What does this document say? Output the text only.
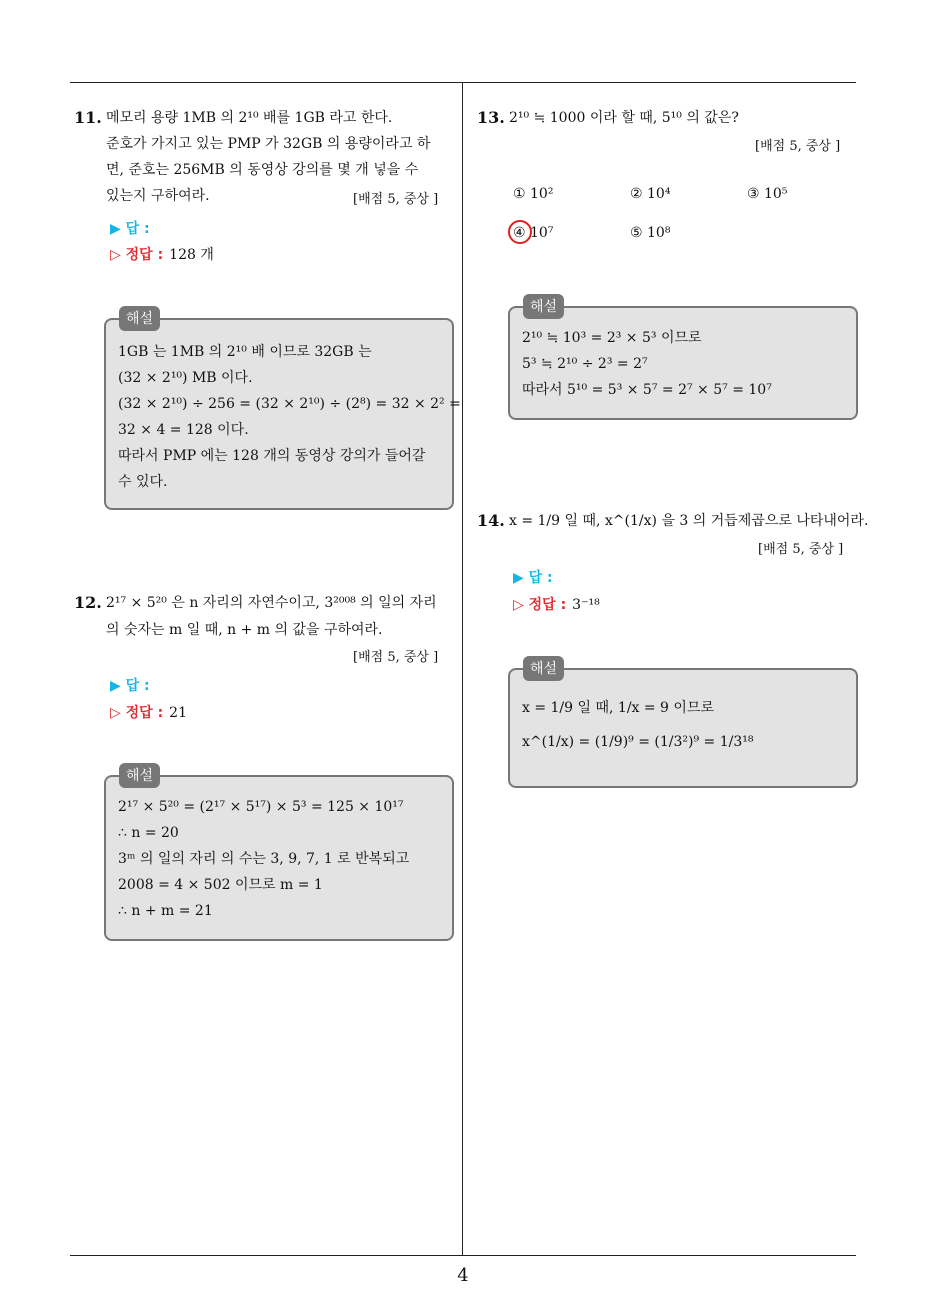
11. 메모리 용량 1MB 의 2¹⁰ 배를 1GB 라고 한다.
준호가 가지고 있는 PMP 가 32GB 의 용량이라고 하
면, 준호는 256MB 의 동영상 강의를 몇 개 넣을 수
있는지 구하여라.	[배점 5, 중상 ]
▶ 답 :
▷ 정답 : 128 개
1GB 는 1MB 의 2¹⁰ 배 이므로 32GB 는
(32 × 2¹⁰) MB 이다.
(32 × 2¹⁰) ÷ 256 = (32 × 2¹⁰) ÷ (2⁸) = 32 × 2² =
32 × 4 = 128 이다.
따라서 PMP 에는 128 개의 동영상 강의가 들어갈
수 있다.
해설
12. 2¹⁷ × 5²⁰ 은 n 자리의 자연수이고, 3²⁰⁰⁸ 의 일의 자리
의 숫자는 m 일 때, n + m 의 값을 구하여라.
[배점 5, 중상 ]
▶ 답 :
▷ 정답 : 21
2¹⁷ × 5²⁰ = (2¹⁷ × 5¹⁷) × 5³ = 125 × 10¹⁷
∴ n = 20
3ᵐ 의 일의 자리 의 수는 3, 9, 7, 1 로 반복되고
2008 = 4 × 502 이므로 m = 1
∴ n + m = 21
해설
13. 2¹⁰ ≒ 1000 이라 할 때, 5¹⁰ 의 값은?
[배점 5, 중상 ]
① 10²	② 10⁴	③ 10⁵
④ 10⁷	⑤ 10⁸
2¹⁰ ≒ 10³ = 2³ × 5³ 이므로
5³ ≒ 2¹⁰ ÷ 2³ = 2⁷
따라서 5¹⁰ = 5³ × 5⁷ = 2⁷ × 5⁷ = 10⁷
해설
14. x = 1/9 일 때, x^(1/x) 을 3 의 거듭제곱으로 나타내어라.
[배점 5, 중상 ]
▶ 답 :
▷ 정답 : 3⁻¹⁸
x = 1/9 일 때, 1/x = 9 이므로
x^(1/x) = (1/9)⁹ = (1/3²)⁹ = 1/3¹⁸
해설
4
